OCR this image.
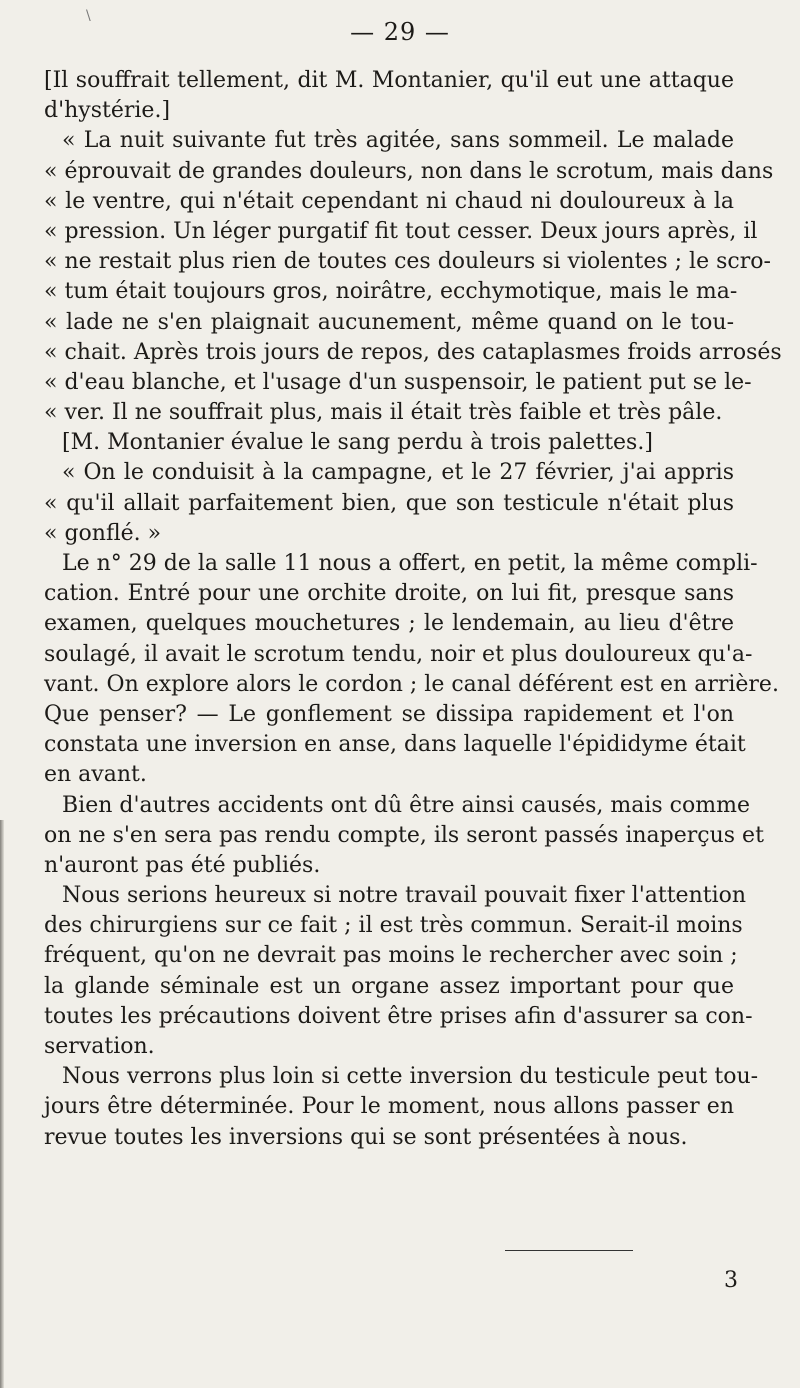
\
— 29 —
[Il souffrait tellement, dit M. Montanier, qu'il eut une attaque
d'hystérie.]
« La nuit suivante fut très agitée, sans sommeil. Le malade
« éprouvait de grandes douleurs, non dans le scrotum, mais dans
« le ventre, qui n'était cependant ni chaud ni douloureux à la
« pression. Un léger purgatif fit tout cesser. Deux jours après, il
« ne restait plus rien de toutes ces douleurs si violentes ; le scro-
« tum était toujours gros, noirâtre, ecchymotique, mais le ma-
« lade ne s'en plaignait aucunement, même quand on le tou-
« chait. Après trois jours de repos, des cataplasmes froids arrosés
« d'eau blanche, et l'usage d'un suspensoir, le patient put se le-
« ver. Il ne souffrait plus, mais il était très faible et très pâle.
[M. Montanier évalue le sang perdu à trois palettes.]
« On le conduisit à la campagne, et le 27 février, j'ai appris
« qu'il allait parfaitement bien, que son testicule n'était plus
« gonflé. »
Le n° 29 de la salle 11 nous a offert, en petit, la même compli-
cation. Entré pour une orchite droite, on lui fit, presque sans
examen, quelques mouchetures ; le lendemain, au lieu d'être
soulagé, il avait le scrotum tendu, noir et plus douloureux qu'a-
vant. On explore alors le cordon ; le canal déférent est en arrière.
Que penser? — Le gonflement se dissipa rapidement et l'on
constata une inversion en anse, dans laquelle l'épididyme était
en avant.
Bien d'autres accidents ont dû être ainsi causés, mais comme
on ne s'en sera pas rendu compte, ils seront passés inaperçus et
n'auront pas été publiés.
Nous serions heureux si notre travail pouvait fixer l'attention
des chirurgiens sur ce fait ; il est très commun. Serait-il moins
fréquent, qu'on ne devrait pas moins le rechercher avec soin ;
la glande séminale est un organe assez important pour que
toutes les précautions doivent être prises afin d'assurer sa con-
servation.
Nous verrons plus loin si cette inversion du testicule peut tou-
jours être déterminée. Pour le moment, nous allons passer en
revue toutes les inversions qui se sont présentées à nous.
3
